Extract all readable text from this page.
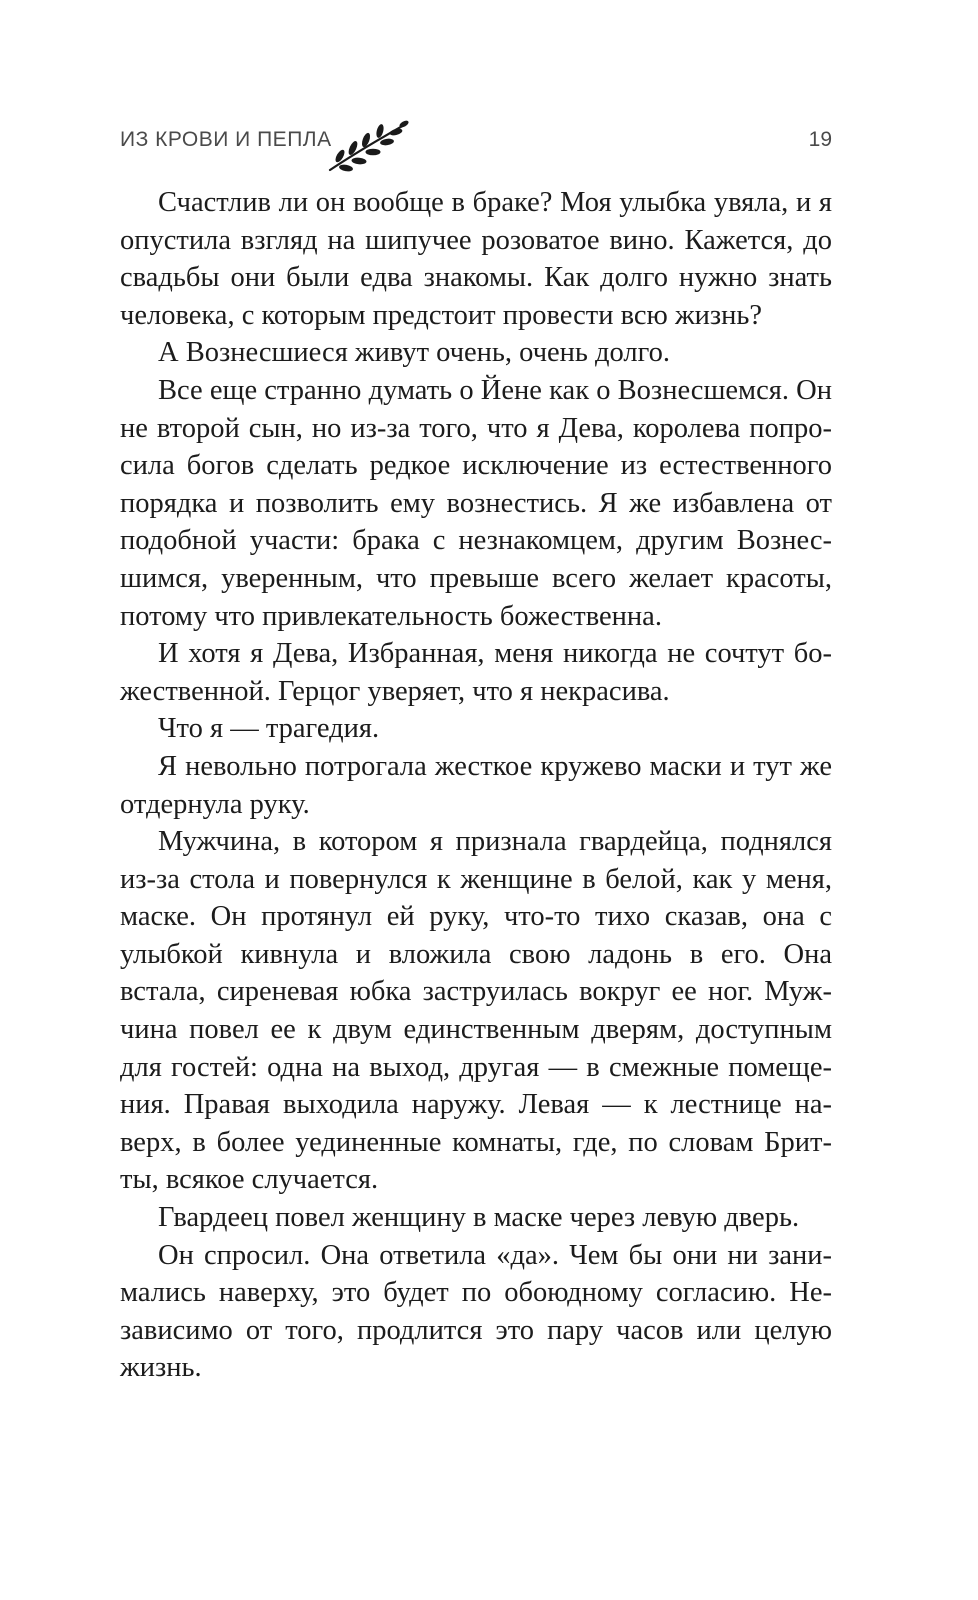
ИЗ КРОВИ И ПЕПЛА	19

Счастлив ли он вообще в браке? Моя улыбка увяла, и я опустила взгляд на шипучее розоватое вино. Кажется, до свадьбы они были едва знакомы. Как долго нужно знать человека, с которым предстоит провести всю жизнь?

А Вознесшиеся живут очень, очень долго.

Все еще странно думать о Йене как о Вознесшемся. Он не второй сын, но из-за того, что я Дева, королева попросила богов сделать редкое исключение из естественного порядка и позволить ему вознестись. Я же избавлена от подобной участи: брака с незнакомцем, другим Вознесшимся, уверенным, что превыше всего желает красоты, потому что привлекательность божественна.

И хотя я Дева, Избранная, меня никогда не сочтут божественной. Герцог уверяет, что я некрасива.

Что я — трагедия.

Я невольно потрогала жесткое кружево маски и тут же отдернула руку.

Мужчина, в котором я признала гвардейца, поднялся из-за стола и повернулся к женщине в белой, как у меня, маске. Он протянул ей руку, что-то тихо сказав, она с улыбкой кивнула и вложила свою ладонь в его. Она встала, сиреневая юбка заструилась вокруг ее ног. Мужчина повел ее к двум единственным дверям, доступным для гостей: одна на выход, другая — в смежные помещения. Правая выходила наружу. Левая — к лестнице наверх, в более уединенные комнаты, где, по словам Бритты, всякое случается.

Гвардеец повел женщину в маске через левую дверь.

Он спросил. Она ответила «да». Чем бы они ни занимались наверху, это будет по обоюдному согласию. Независимо от того, продлится это пару часов или целую жизнь.
